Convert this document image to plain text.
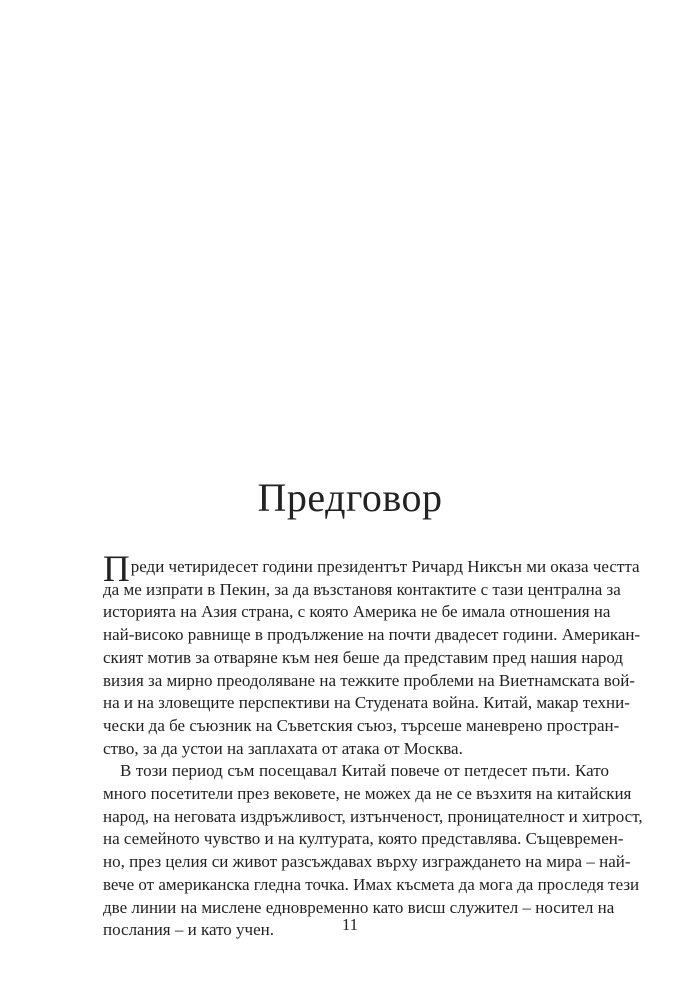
Предговор
П реди четиридесет години президентът Ричард Никсън ми оказа честта
да ме изпрати в Пекин, за да възстановя контактите с тази централна за
историята на Азия страна, с която Америка не бе имала отношения на
най-високо равнище в продължение на почти двадесет години. Американ-
ският мотив за отваряне към нея беше да представим пред нашия народ
визия за мирно преодоляване на тежките проблеми на Виетнамската вой-
на и на зловещите перспективи на Студената война. Китай, макар техни-
чески да бе съюзник на Съветския съюз, търсеше маневрено простран-
ство, за да устои на заплахата от атака от Москва.
В този период съм посещавал Китай повече от петдесет пъти. Като
много посетители през вековете, не можех да не се възхитя на китайския
народ, на неговата издръжливост, изтънченост, проницателност и хитрост,
на семейното чувство и на културата, която представлява. Същевремен-
но, през целия си живот разсъждавах върху изграждането на мира – най-
вече от американска гледна точка. Имах късмета да мога да проследя тези
две линии на мислене едновременно като висш служител – носител на
послания – и като учен.	11
